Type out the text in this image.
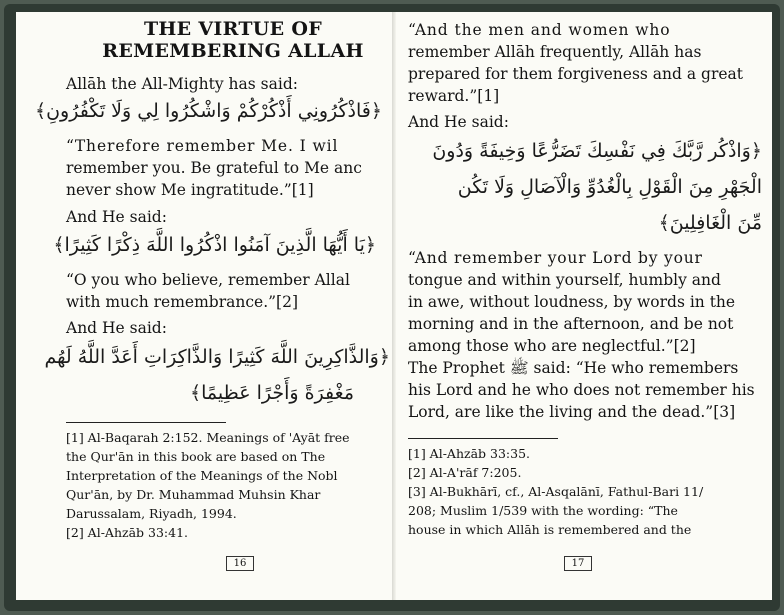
THE VIRTUE OF
REMEMBERING ALLAH
Allāh the All-Mighty has said:
﴿فَاذْكُرُونِي أَذْكُرْكُمْ وَاشْكُرُوا لِي وَلَا تَكْفُرُونِ﴾
“Therefore remember Me. I wil
remember you. Be grateful to Me anc
never show Me ingratitude.”[1]
And He said:
﴿يَا أَيُّهَا الَّذِينَ آمَنُوا اذْكُرُوا اللَّهَ ذِكْرًا كَثِيرًا﴾
“O you who believe, remember Allal
with much remembrance.”[2]
And He said:
﴿وَالذَّاكِرِينَ اللَّهَ كَثِيرًا وَالذَّاكِرَاتِ أَعَدَّ اللَّهُ لَهُم
مَغْفِرَةً وَأَجْرًا عَظِيمًا﴾
[1] Al-Baqarah 2:152. Meanings of 'Ayāt free
the Qur'ān in this book are based on The
Interpretation of the Meanings of the Nobl
Qur'ān, by Dr. Muhammad Muhsin Khar
Darussalam, Riyadh, 1994.
[2] Al-Ahzāb 33:41.
16
“And the men and women who
remember Allāh frequently, Allāh has
prepared for them forgiveness and a great
reward.”[1]
And He said:
﴿وَاذْكُر رَّبَّكَ فِي نَفْسِكَ تَضَرُّعًا وَخِيفَةً وَدُونَ
الْجَهْرِ مِنَ الْقَوْلِ بِالْغُدُوِّ وَالْآصَالِ وَلَا تَكُن
مِّنَ الْغَافِلِينَ﴾
“And remember your Lord by your
tongue and within yourself, humbly and
in awe, without loudness, by words in the
morning and in the afternoon, and be not
among those who are neglectful.”[2]
The Prophet ﷺ said: “He who remembers
his Lord and he who does not remember his
Lord, are like the living and the dead.”[3]
[1] Al-Ahzāb 33:35.
[2] Al-A'rāf 7:205.
[3] Al-Bukhārī, cf., Al-Asqalānī, Fathul-Bari 11/
208; Muslim 1/539 with the wording: “The
house in which Allāh is remembered and the
17
